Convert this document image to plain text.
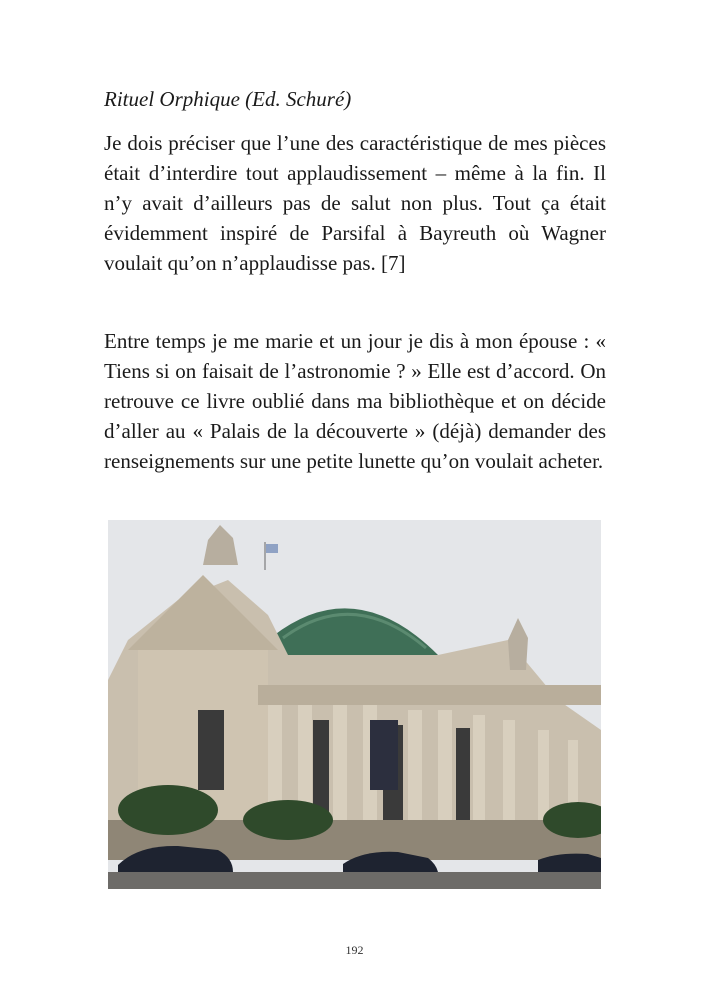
Rituel Orphique (Ed. Schuré)

Je dois préciser que l’une des caractéristique de mes pièces était d’interdire tout applaudissement – même à la fin. Il n’y avait d’ailleurs pas de salut non plus. Tout ça était évidemment inspiré de Parsifal à Bayreuth où Wagner voulait qu’on n’applaudisse pas. [7]

Entre temps je me marie et un jour je dis à mon épouse : « Tiens si on faisait de l’astronomie ? » Elle est d’accord. On retrouve ce livre oublié dans ma bibliothèque et on décide d’aller au « Palais de la découverte » (déjà) demander des renseignements sur une petite lunette qu’on voulait acheter.

192
